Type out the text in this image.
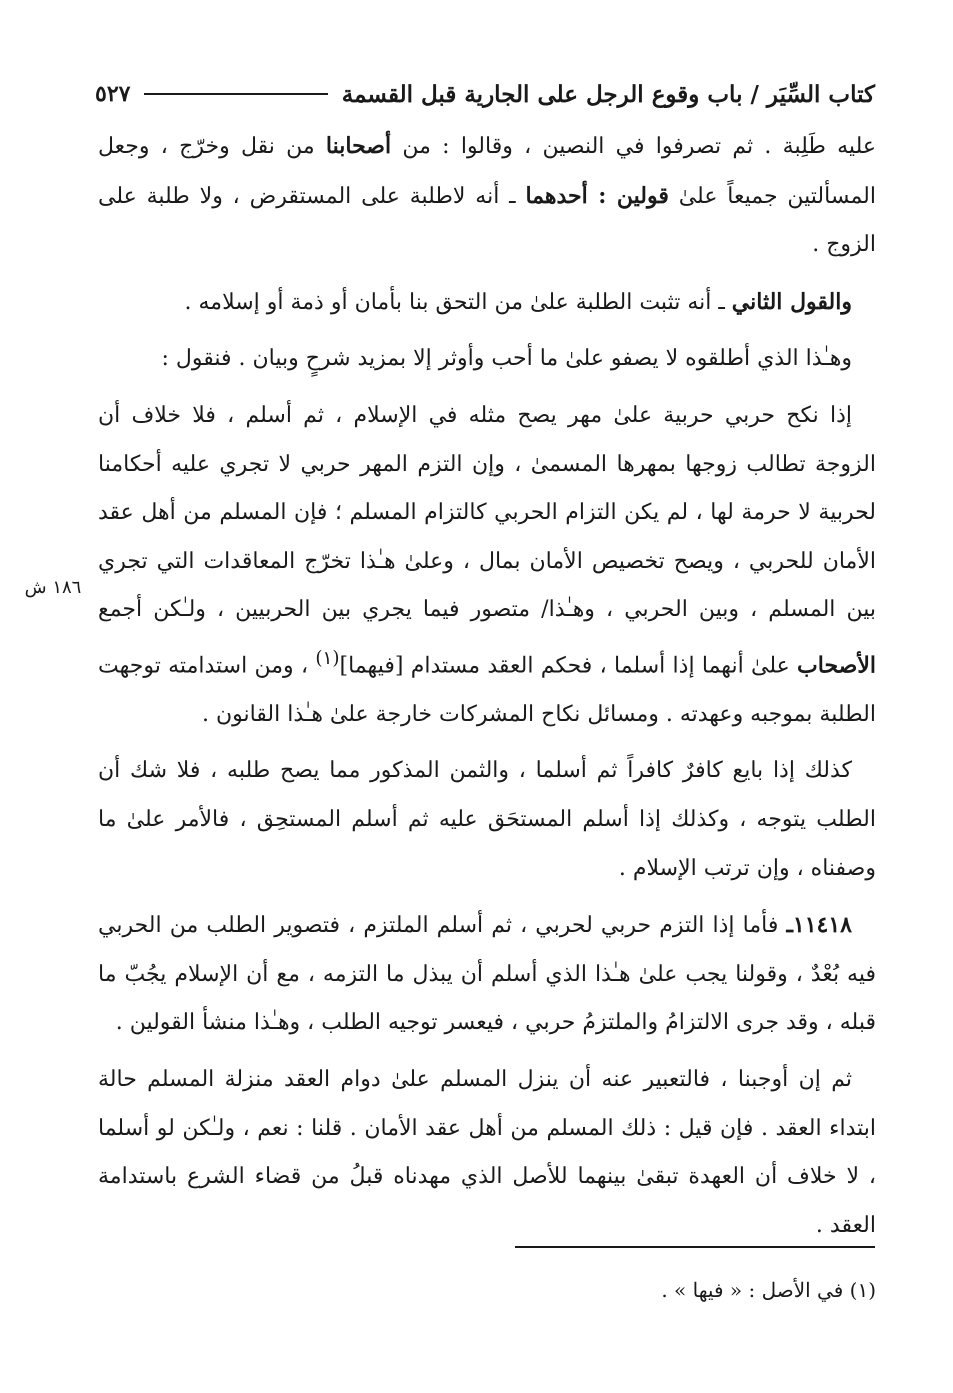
كتاب السِّيَر / باب وقوع الرجل على الجارية قبل القسمة
٥٢٧

عليه طَلِبة . ثم تصرفوا في النصين ، وقالوا : من أصحابنا من نقل وخرّج ، وجعل المسألتين جميعاً علىٰ قولين : أحدهما ـ أنه لاطلبة على المستقرض ، ولا طلبة على الزوج .

والقول الثاني ـ أنه تثبت الطلبة علىٰ من التحق بنا بأمان أو ذمة أو إسلامه .

وهـٰذا الذي أطلقوه لا يصفو علىٰ ما أحب وأوثر إلا بمزيد شرحٍ وبيان . فنقول :

إذا نكح حربي حربية علىٰ مهر يصح مثله في الإسلام ، ثم أسلم ، فلا خلاف أن الزوجة تطالب زوجها بمهرها المسمىٰ ، وإن التزم المهر حربي لا تجري عليه أحكامنا لحربية لا حرمة لها ، لم يكن التزام الحربي كالتزام المسلم ؛ فإن المسلم من أهل عقد الأمان للحربي ، ويصح تخصيص الأمان بمال ، وعلىٰ هـٰذا تخرّج المعاقدات التي تجري بين المسلم ، وبين الحربي ، وهـٰذا/ متصور فيما يجري بين الحربيين ، ولـٰكن أجمع الأصحاب علىٰ أنهما إذا أسلما ، فحكم العقد مستدام [فيهما]$^{(١)}$ ، ومن استدامته توجهت الطلبة بموجبه وعهدته . ومسائل نكاح المشركات خارجة علىٰ هـٰذا القانون .

كذلك إذا بايع كافرٌ كافراً ثم أسلما ، والثمن المذكور مما يصح طلبه ، فلا شك أن الطلب يتوجه ، وكذلك إذا أسلم المستحَق عليه ثم أسلم المستحِق ، فالأمر علىٰ ما وصفناه ، وإن ترتب الإسلام .

١١٤١٨ـ فأما إذا التزم حربي لحربي ، ثم أسلم الملتزم ، فتصوير الطلب من الحربي فيه بُعْدٌ ، وقولنا يجب علىٰ هـٰذا الذي أسلم أن يبذل ما التزمه ، مع أن الإسلام يجُبّ ما قبله ، وقد جرى الالتزامُ والملتزمُ حربي ، فيعسر توجيه الطلب ، وهـٰذا منشأ القولين .

ثم إن أوجبنا ، فالتعبير عنه أن ينزل المسلم علىٰ دوام العقد منزلة المسلم حالة ابتداء العقد . فإن قيل : ذلك المسلم من أهل عقد الأمان . قلنا : نعم ، ولـٰكن لو أسلما ، لا خلاف أن العهدة تبقىٰ بينهما للأصل الذي مهدناه قبلُ من قضاء الشرع باستدامة العقد .

١٨٦ ش
(١) في الأصل : « فيها » .
